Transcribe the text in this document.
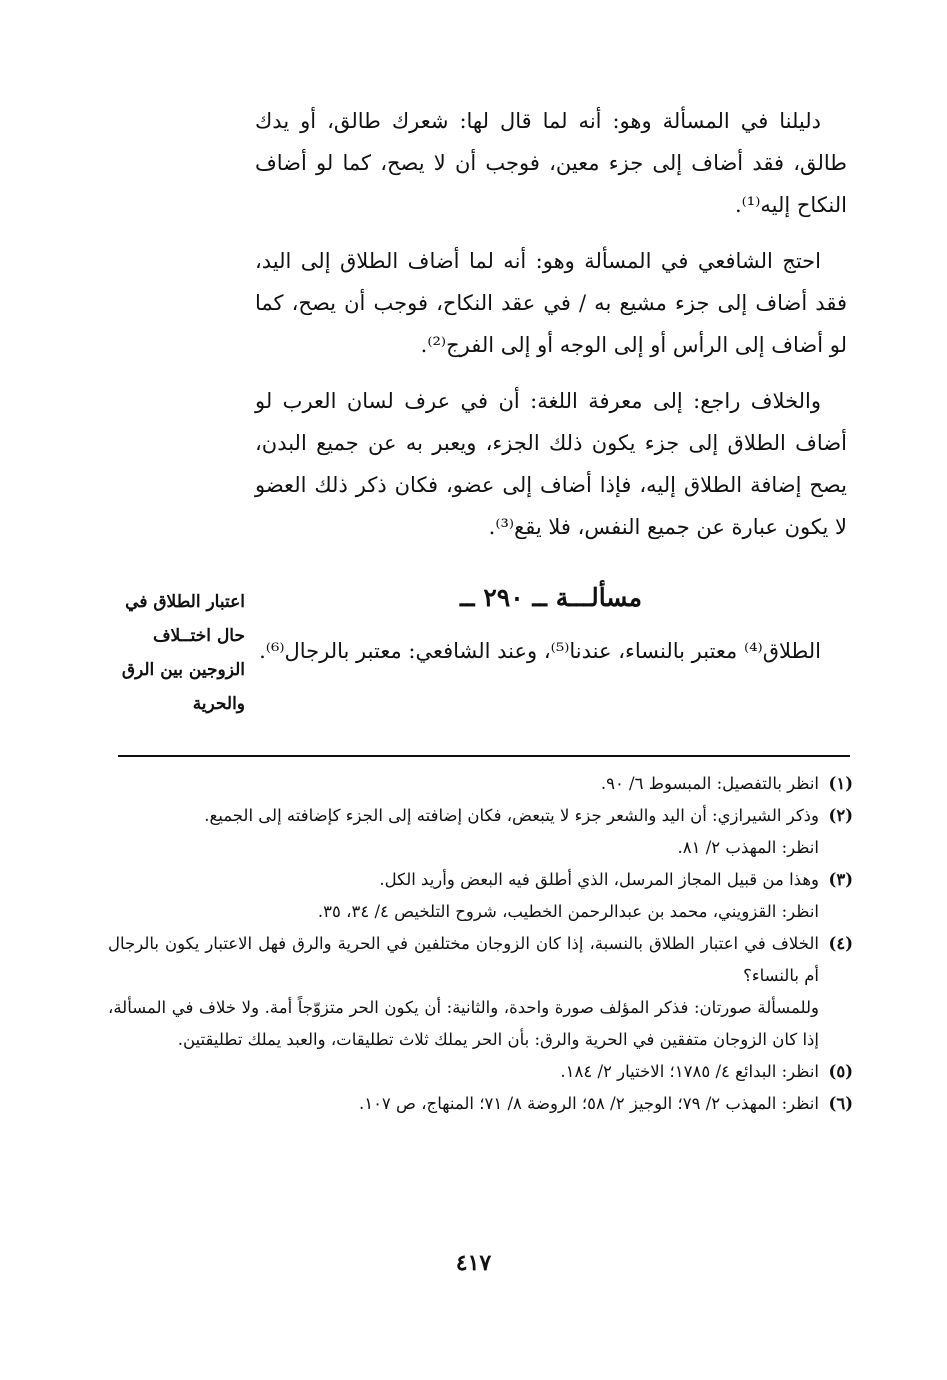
دليلنا في المسألة وهو: أنه لما قال لها: شعرك طالق، أو يدك طالق، فقد أضاف إلى جزء معين، فوجب أن لا يصح، كما لو أضاف النكاح إليه⁽¹⁾.

احتج الشافعي في المسألة وهو: أنه لما أضاف الطلاق إلى اليد، فقد أضاف إلى جزء مشيع به / في عقد النكاح، فوجب أن يصح، كما لو أضاف إلى الرأس أو إلى الوجه أو إلى الفرج⁽²⁾.

والخلاف راجع: إلى معرفة اللغة: أن في عرف لسان العرب لو أضاف الطلاق إلى جزء يكون ذلك الجزء، ويعبر به عن جميع البدن، يصح إضافة الطلاق إليه، فإذا أضاف إلى عضو، فكان ذكر ذلك العضو لا يكون عبارة عن جميع النفس، فلا يقع⁽³⁾.

اعتبار الطلاق في
حال اختــلاف
الزوجين بين الرق
والحرية
مسألـــة ــ ٢٩٠ ــ

الطلاق⁽⁴⁾ معتبر بالنساء، عندنا⁽⁵⁾، وعند الشافعي: معتبر بالرجال⁽⁶⁾.

(١)
انظر بالتفصيل: المبسوط ٦/ ٩٠.
(٢)
وذكر الشيرازي: أن اليد والشعر جزء لا يتبعض، فكان إضافته إلى الجزء كإضافته إلى الجميع.
انظر: المهذب ٢/ ٨١.
(٣)
وهذا من قبيل المجاز المرسل، الذي أطلق فيه البعض وأريد الكل.
انظر: القزويني، محمد بن عبدالرحمن الخطيب، شروح التلخيص ٤/ ٣٤، ٣٥.
(٤)
الخلاف في اعتبار الطلاق بالنسبة، إذا كان الزوجان مختلفين في الحرية والرق فهل الاعتبار يكون بالرجال أم بالنساء؟
وللمسألة صورتان: فذكر المؤلف صورة واحدة، والثانية: أن يكون الحر متزوّجاً أمة. ولا خلاف في المسألة، إذا كان الزوجان متفقين في الحرية والرق: بأن الحر يملك ثلاث تطليقات، والعبد يملك تطليقتين.
(٥)
انظر: البدائع ٤/ ١٧٨٥؛ الاختيار ٢/ ١٨٤.
(٦)
انظر: المهذب ٢/ ٧٩؛ الوجيز ٢/ ٥٨؛ الروضة ٨/ ٧١؛ المنهاج، ص ١٠٧.
٤١٧
